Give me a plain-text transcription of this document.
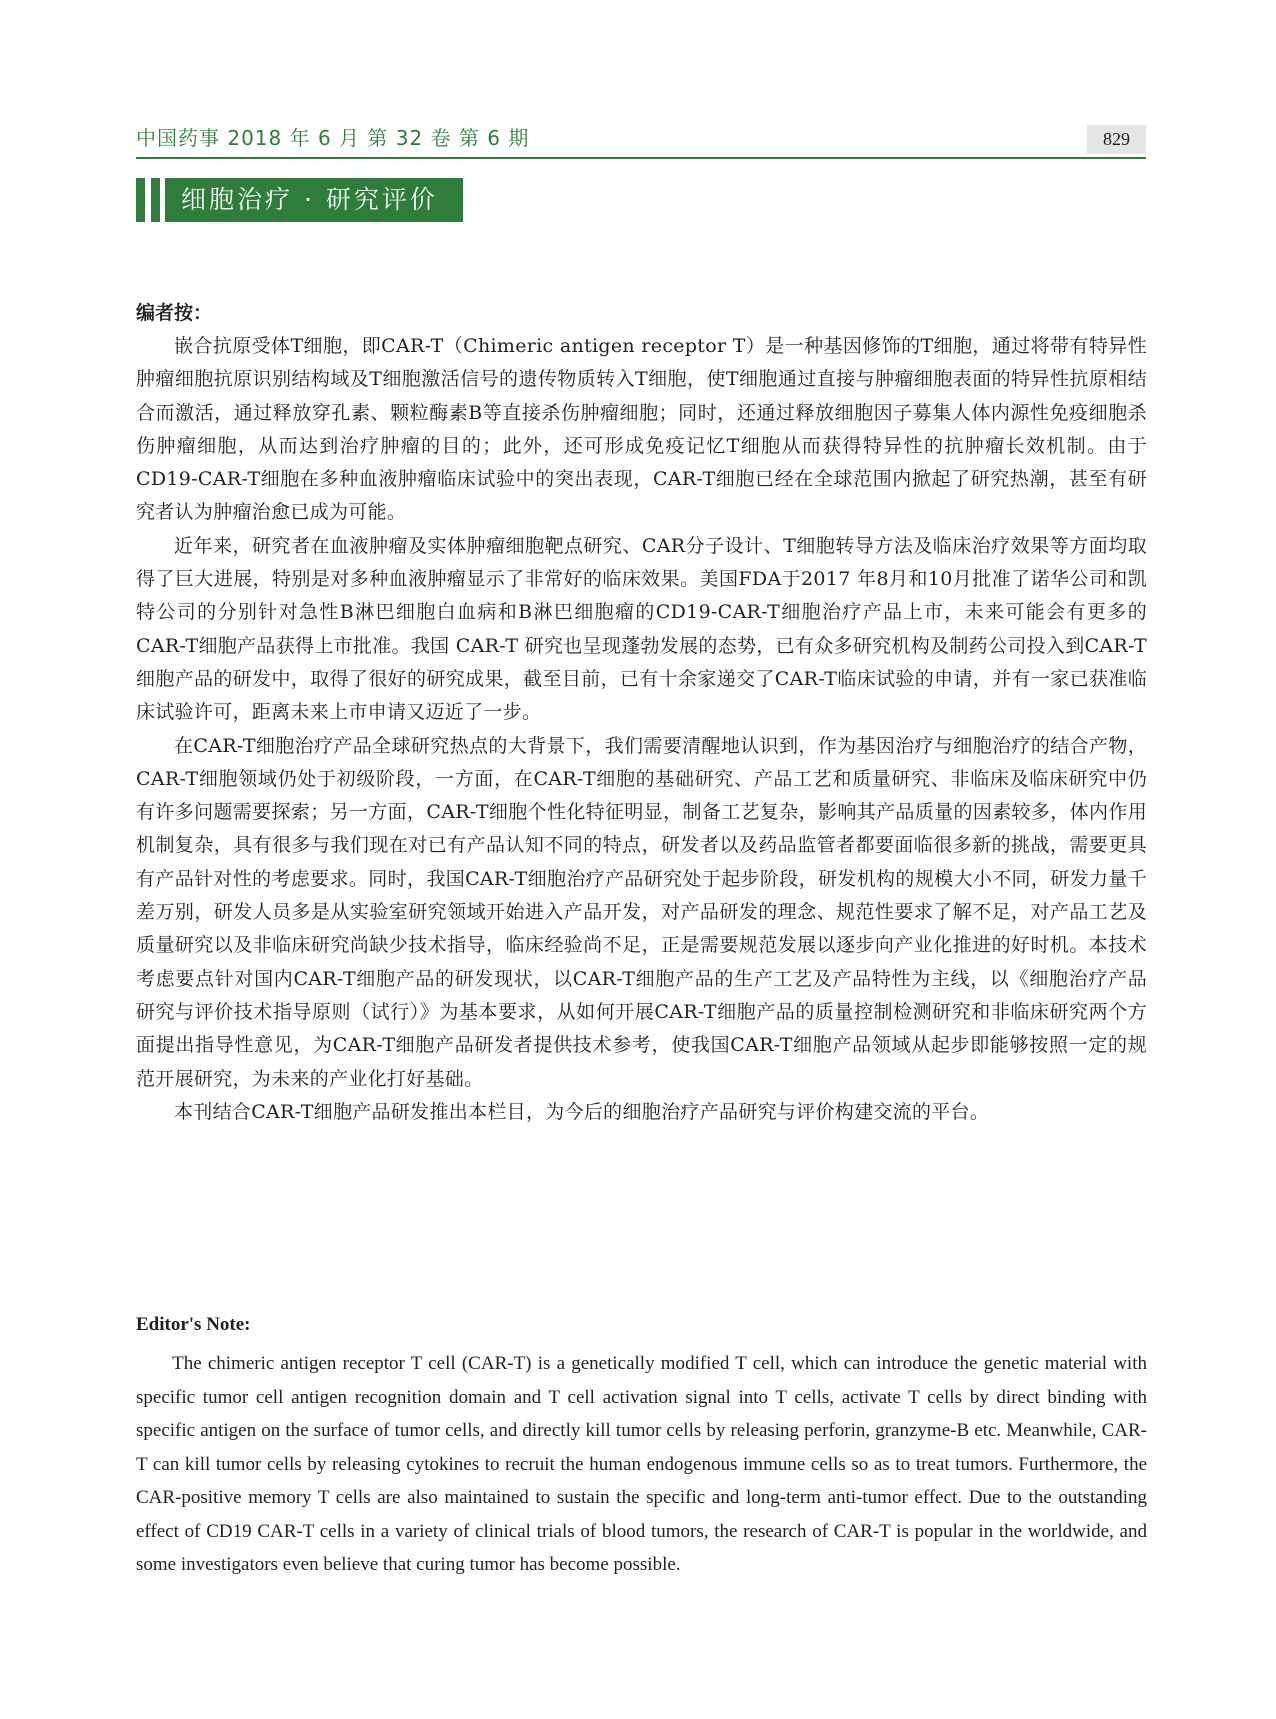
中国药事 2018 年 6 月 第 32 卷 第 6 期	829
细胞治疗 · 研究评价

编者按：

嵌合抗原受体T细胞，即CAR-T（Chimeric antigen receptor T）是一种基因修饰的T细胞，通过将带有特异性肿瘤细胞抗原识别结构域及T细胞激活信号的遗传物质转入T细胞，使T细胞通过直接与肿瘤细胞表面的特异性抗原相结合而激活，通过释放穿孔素、颗粒酶素B等直接杀伤肿瘤细胞；同时，还通过释放细胞因子募集人体内源性免疫细胞杀伤肿瘤细胞，从而达到治疗肿瘤的目的；此外，还可形成免疫记忆T细胞从而获得特异性的抗肿瘤长效机制。由于CD19-CAR-T细胞在多种血液肿瘤临床试验中的突出表现，CAR-T细胞已经在全球范围内掀起了研究热潮，甚至有研究者认为肿瘤治愈已成为可能。

近年来，研究者在血液肿瘤及实体肿瘤细胞靶点研究、CAR分子设计、T细胞转导方法及临床治疗效果等方面均取得了巨大进展，特别是对多种血液肿瘤显示了非常好的临床效果。美国FDA于2017 年8月和10月批准了诺华公司和凯特公司的分别针对急性B淋巴细胞白血病和B淋巴细胞瘤的CD19-CAR-T细胞治疗产品上市，未来可能会有更多的CAR-T细胞产品获得上市批准。我国 CAR-T 研究也呈现蓬勃发展的态势，已有众多研究机构及制药公司投入到CAR-T 细胞产品的研发中，取得了很好的研究成果，截至目前，已有十余家递交了CAR-T临床试验的申请，并有一家已获准临床试验许可，距离未来上市申请又迈近了一步。

在CAR-T细胞治疗产品全球研究热点的大背景下，我们需要清醒地认识到，作为基因治疗与细胞治疗的结合产物，CAR-T细胞领域仍处于初级阶段，一方面，在CAR-T细胞的基础研究、产品工艺和质量研究、非临床及临床研究中仍有许多问题需要探索；另一方面，CAR-T细胞个性化特征明显，制备工艺复杂，影响其产品质量的因素较多，体内作用机制复杂，具有很多与我们现在对已有产品认知不同的特点，研发者以及药品监管者都要面临很多新的挑战，需要更具有产品针对性的考虑要求。同时，我国CAR-T细胞治疗产品研究处于起步阶段，研发机构的规模大小不同，研发力量千差万别，研发人员多是从实验室研究领域开始进入产品开发，对产品研发的理念、规范性要求了解不足，对产品工艺及质量研究以及非临床研究尚缺少技术指导，临床经验尚不足，正是需要规范发展以逐步向产业化推进的好时机。本技术考虑要点针对国内CAR-T细胞产品的研发现状，以CAR-T细胞产品的生产工艺及产品特性为主线，以《细胞治疗产品研究与评价技术指导原则（试行）》为基本要求，从如何开展CAR-T细胞产品的质量控制检测研究和非临床研究两个方面提出指导性意见，为CAR-T细胞产品研发者提供技术参考，使我国CAR-T细胞产品领域从起步即能够按照一定的规范开展研究，为未来的产业化打好基础。

本刊结合CAR-T细胞产品研发推出本栏目，为今后的细胞治疗产品研究与评价构建交流的平台。

Editor's Note:

The chimeric antigen receptor T cell (CAR-T) is a genetically modified T cell, which can introduce the genetic material with specific tumor cell antigen recognition domain and T cell activation signal into T cells, activate T cells by direct binding with specific antigen on the surface of tumor cells, and directly kill tumor cells by releasing perforin, granzyme-B etc. Meanwhile, CAR-T can kill tumor cells by releasing cytokines to recruit the human endogenous immune cells so as to treat tumors. Furthermore, the CAR-positive memory T cells are also maintained to sustain the specific and long-term anti-tumor effect. Due to the outstanding effect of CD19 CAR-T cells in a variety of clinical trials of blood tumors, the research of CAR-T is popular in the worldwide, and some investigators even believe that curing tumor has become possible.
